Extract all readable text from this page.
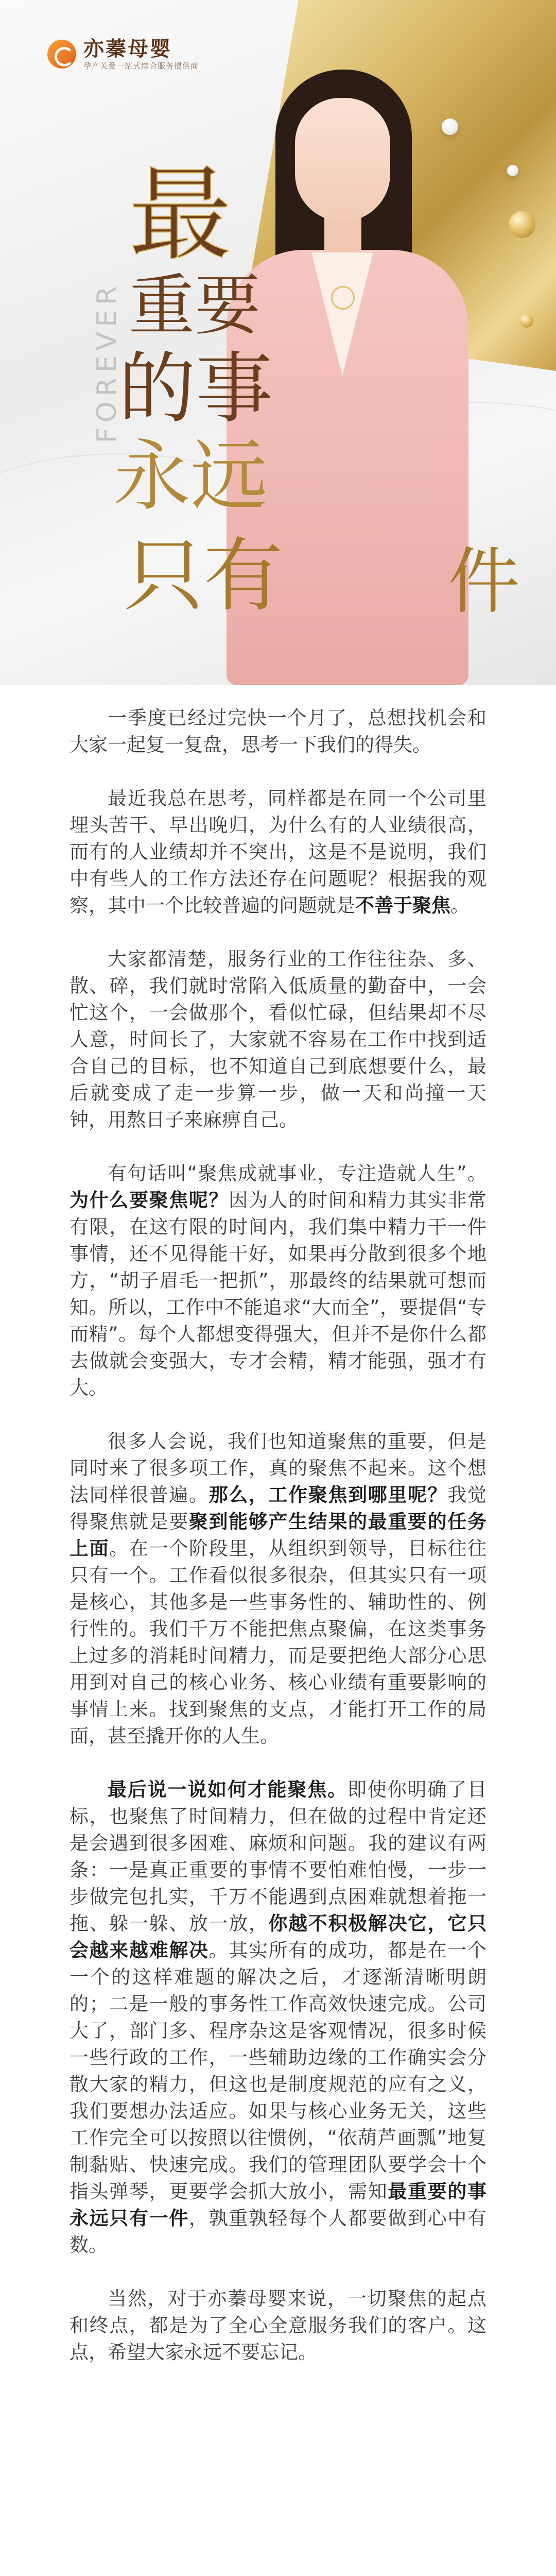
亦蓁母婴
孕产关爱一站式综合服务提供商
FOREVER
最
重要
的事
永远
只有 件

一季度已经过完快一个月了，总想找机会和大家一起复一复盘，思考一下我们的得失。

最近我总在思考，同样都是在同一个公司里埋头苦干、早出晚归，为什么有的人业绩很高，而有的人业绩却并不突出，这是不是说明，我们中有些人的工作方法还存在问题呢？根据我的观察，其中一个比较普遍的问题就是不善于聚焦。

大家都清楚，服务行业的工作往往杂、多、散、碎，我们就时常陷入低质量的勤奋中，一会忙这个，一会做那个，看似忙碌，但结果却不尽人意，时间长了，大家就不容易在工作中找到适合自己的目标，也不知道自己到底想要什么，最后就变成了走一步算一步，做一天和尚撞一天钟，用熬日子来麻痹自己。

有句话叫“聚焦成就事业，专注造就人生”。为什么要聚焦呢？因为人的时间和精力其实非常有限，在这有限的时间内，我们集中精力干一件事情，还不见得能干好，如果再分散到很多个地方，“胡子眉毛一把抓”，那最终的结果就可想而知。所以，工作中不能追求“大而全”，要提倡“专而精”。每个人都想变得强大，但并不是你什么都去做就会变强大，专才会精，精才能强，强才有大。

很多人会说，我们也知道聚焦的重要，但是同时来了很多项工作，真的聚焦不起来。这个想法同样很普遍。那么，工作聚焦到哪里呢？我觉得聚焦就是要聚到能够产生结果的最重要的任务上面。在一个阶段里，从组织到领导，目标往往只有一个。工作看似很多很杂，但其实只有一项是核心，其他多是一些事务性的、辅助性的、例行性的。我们千万不能把焦点聚偏，在这类事务上过多的消耗时间精力，而是要把绝大部分心思用到对自己的核心业务、核心业绩有重要影响的事情上来。找到聚焦的支点，才能打开工作的局面，甚至撬开你的人生。

最后说一说如何才能聚焦。即使你明确了目标，也聚焦了时间精力，但在做的过程中肯定还是会遇到很多困难、麻烦和问题。我的建议有两条：一是真正重要的事情不要怕难怕慢，一步一步做完包扎实，千万不能遇到点困难就想着拖一拖、躲一躲、放一放，你越不积极解决它，它只会越来越难解决。其实所有的成功，都是在一个一个的这样难题的解决之后，才逐渐清晰明朗的；二是一般的事务性工作高效快速完成。公司大了，部门多、程序杂这是客观情况，很多时候一些行政的工作，一些辅助边缘的工作确实会分散大家的精力，但这也是制度规范的应有之义，我们要想办法适应。如果与核心业务无关，这些工作完全可以按照以往惯例，“依葫芦画瓢”地复制黏贴、快速完成。我们的管理团队要学会十个指头弹琴，更要学会抓大放小，需知最重要的事永远只有一件，孰重孰轻每个人都要做到心中有数。

当然，对于亦蓁母婴来说，一切聚焦的起点和终点，都是为了全心全意服务我们的客户。这点，希望大家永远不要忘记。
